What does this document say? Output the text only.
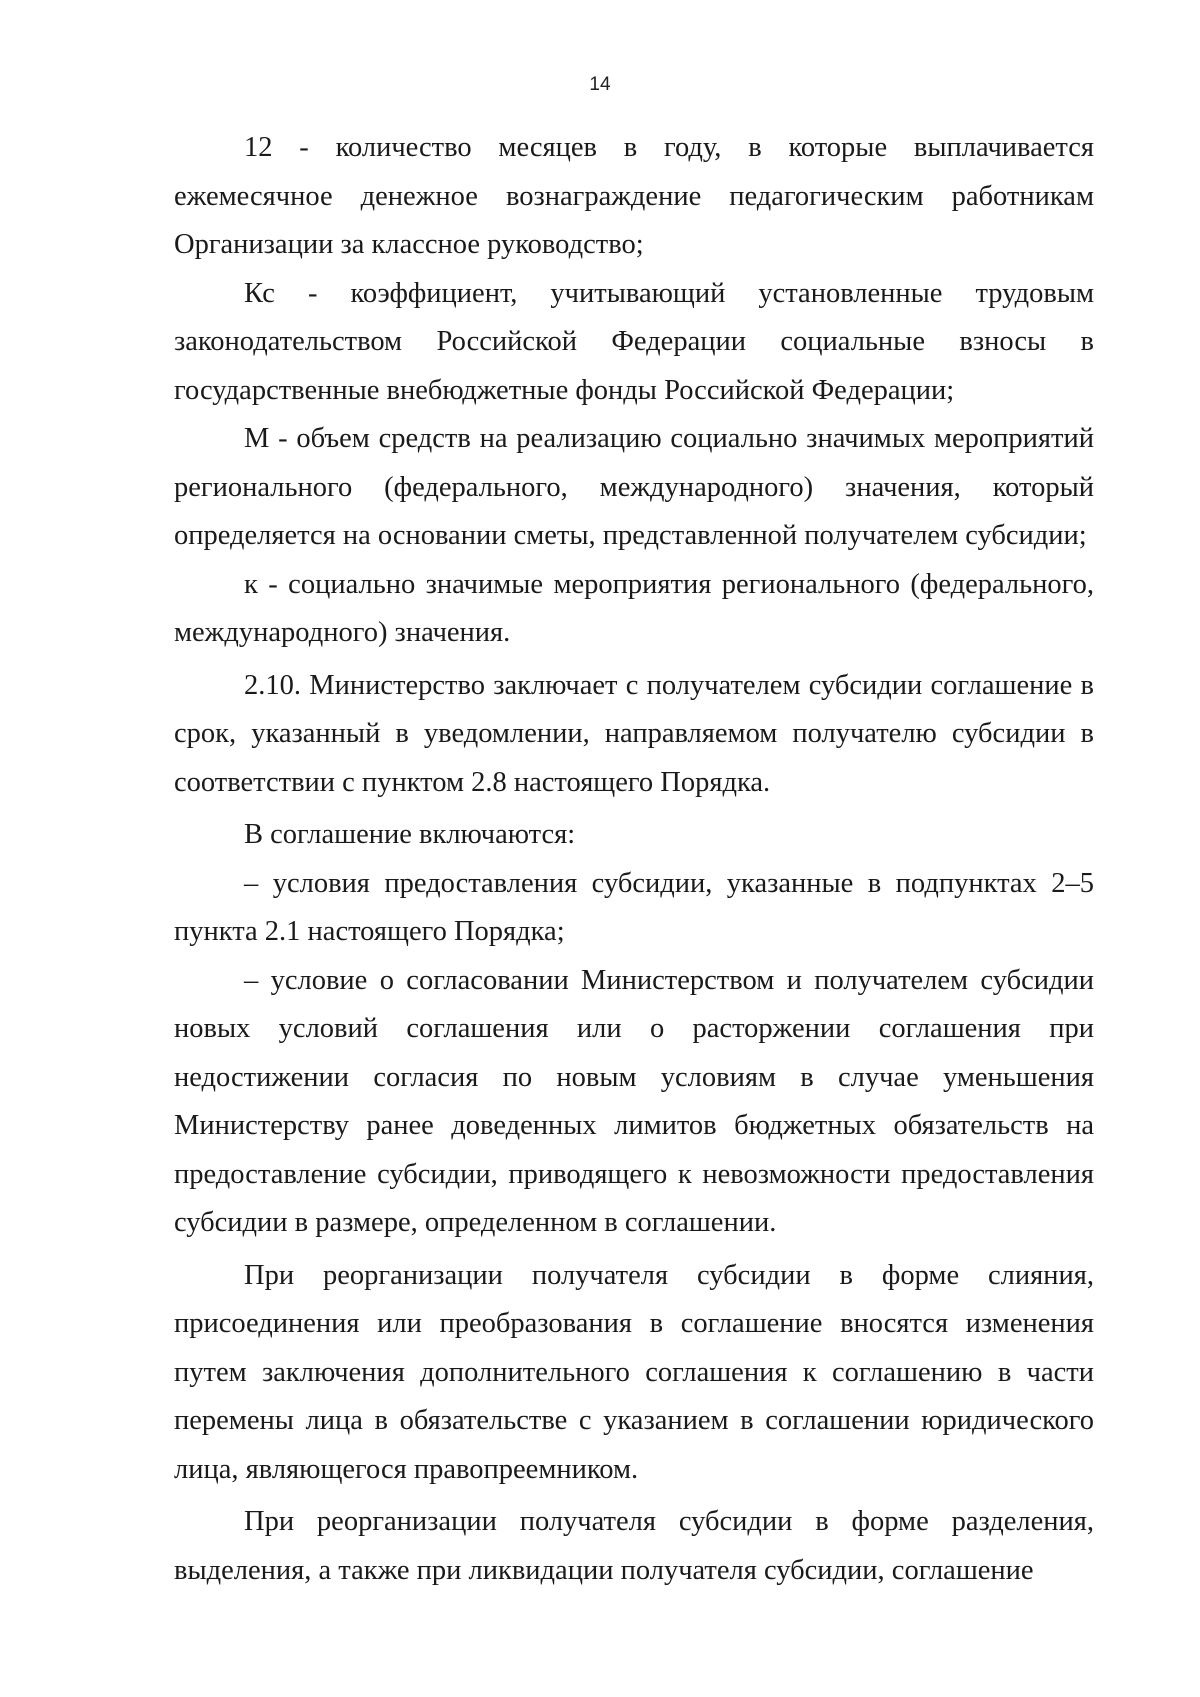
14

12 - количество месяцев в году, в которые выплачивается ежемесячное денежное вознаграждение педагогическим работникам Организации за классное руководство;

Кс - коэффициент, учитывающий установленные трудовым законодательством Российской Федерации социальные взносы в государственные внебюджетные фонды Российской Федерации;

М - объем средств на реализацию социально значимых мероприятий регионального (федерального, международного) значения, который определяется на основании сметы, представленной получателем субсидии;

к - социально значимые мероприятия регионального (федерального, международного) значения.

2.10. Министерство заключает с получателем субсидии соглашение в срок, указанный в уведомлении, направляемом получателю субсидии в соответствии с пунктом 2.8 настоящего Порядка.

В соглашение включаются:

– условия предоставления субсидии, указанные в подпунктах 2–5 пункта 2.1 настоящего Порядка;

– условие о согласовании Министерством и получателем субсидии новых условий соглашения или о расторжении соглашения при недостижении согласия по новым условиям в случае уменьшения Министерству ранее доведенных лимитов бюджетных обязательств на предоставление субсидии, приводящего к невозможности предоставления субсидии в размере, определенном в соглашении.

При реорганизации получателя субсидии в форме слияния, присоединения или преобразования в соглашение вносятся изменения путем заключения дополнительного соглашения к соглашению в части перемены лица в обязательстве с указанием в соглашении юридического лица, являющегося правопреемником.

При реорганизации получателя субсидии в форме разделения, выделения, а также при ликвидации получателя субсидии, соглашение
